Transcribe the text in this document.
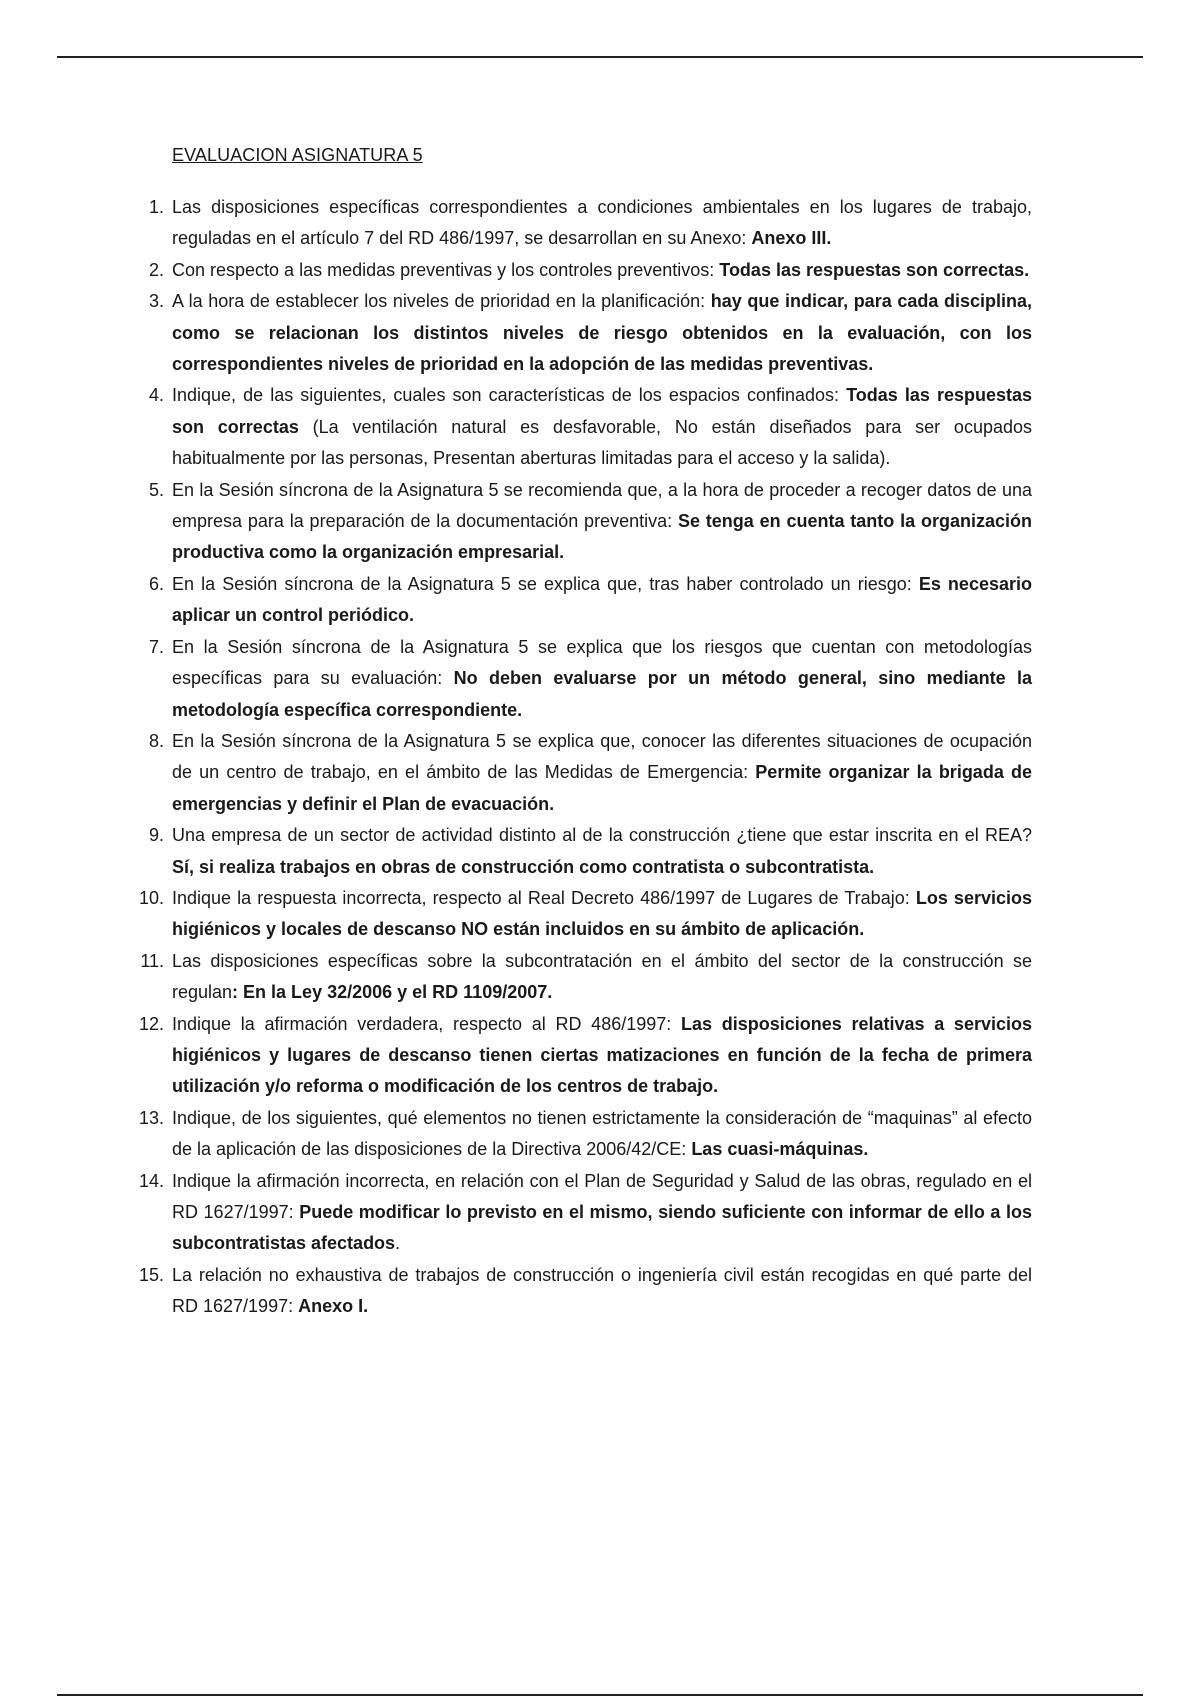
EVALUACION ASIGNATURA 5
1. Las disposiciones específicas correspondientes a condiciones ambientales en los lugares de trabajo, reguladas en el artículo 7 del RD 486/1997, se desarrollan en su Anexo: Anexo III.
2. Con respecto a las medidas preventivas y los controles preventivos: Todas las respuestas son correctas.
3. A la hora de establecer los niveles de prioridad en la planificación: hay que indicar, para cada disciplina, como se relacionan los distintos niveles de riesgo obtenidos en la evaluación, con los correspondientes niveles de prioridad en la adopción de las medidas preventivas.
4. Indique, de las siguientes, cuales son características de los espacios confinados: Todas las respuestas son correctas (La ventilación natural es desfavorable, No están diseñados para ser ocupados habitualmente por las personas, Presentan aberturas limitadas para el acceso y la salida).
5. En la Sesión síncrona de la Asignatura 5 se recomienda que, a la hora de proceder a recoger datos de una empresa para la preparación de la documentación preventiva: Se tenga en cuenta tanto la organización productiva como la organización empresarial.
6. En la Sesión síncrona de la Asignatura 5 se explica que, tras haber controlado un riesgo: Es necesario aplicar un control periódico.
7. En la Sesión síncrona de la Asignatura 5 se explica que los riesgos que cuentan con metodologías específicas para su evaluación: No deben evaluarse por un método general, sino mediante la metodología específica correspondiente.
8. En la Sesión síncrona de la Asignatura 5 se explica que, conocer las diferentes situaciones de ocupación de un centro de trabajo, en el ámbito de las Medidas de Emergencia: Permite organizar la brigada de emergencias y definir el Plan de evacuación.
9. Una empresa de un sector de actividad distinto al de la construcción ¿tiene que estar inscrita en el REA? Sí, si realiza trabajos en obras de construcción como contratista o subcontratista.
10. Indique la respuesta incorrecta, respecto al Real Decreto 486/1997 de Lugares de Trabajo: Los servicios higiénicos y locales de descanso NO están incluidos en su ámbito de aplicación.
11. Las disposiciones específicas sobre la subcontratación en el ámbito del sector de la construcción se regulan: En la Ley 32/2006 y el RD 1109/2007.
12. Indique la afirmación verdadera, respecto al RD 486/1997: Las disposiciones relativas a servicios higiénicos y lugares de descanso tienen ciertas matizaciones en función de la fecha de primera utilización y/o reforma o modificación de los centros de trabajo.
13. Indique, de los siguientes, qué elementos no tienen estrictamente la consideración de “maquinas” al efecto de la aplicación de las disposiciones de la Directiva 2006/42/CE: Las cuasi-máquinas.
14. Indique la afirmación incorrecta, en relación con el Plan de Seguridad y Salud de las obras, regulado en el RD 1627/1997: Puede modificar lo previsto en el mismo, siendo suficiente con informar de ello a los subcontratistas afectados.
15. La relación no exhaustiva de trabajos de construcción o ingeniería civil están recogidas en qué parte del RD 1627/1997: Anexo I.
